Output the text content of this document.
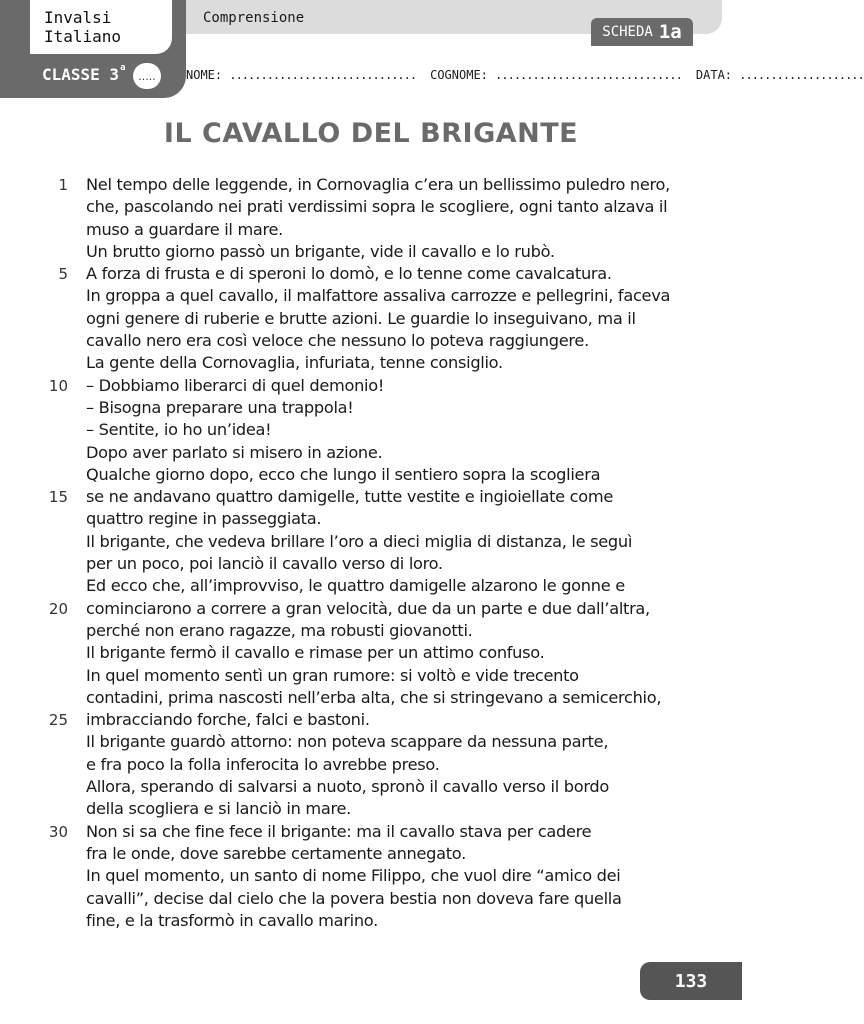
Comprensione
SCHEDA 1a
Invalsi
Italiano
CLASSE 3$^a$
.....	NOME: .............................. COGNOME: .............................. DATA: ....................
IL CAVALLO DEL BRIGANTE
1 Nel tempo delle leggende, in Cornovaglia c’era un bellissimo puledro nero,
che, pascolando nei prati verdissimi sopra le scogliere, ogni tanto alzava il
muso a guardare il mare.
Un brutto giorno passò un brigante, vide il cavallo e lo rubò.
5 A forza di frusta e di speroni lo domò, e lo tenne come cavalcatura.
In groppa a quel cavallo, il malfattore assaliva carrozze e pellegrini, faceva
ogni genere di ruberie e brutte azioni. Le guardie lo inseguivano, ma il
cavallo nero era così veloce che nessuno lo poteva raggiungere.
La gente della Cornovaglia, infuriata, tenne consiglio.
10 – Dobbiamo liberarci di quel demonio!
– Bisogna preparare una trappola!
– Sentite, io ho un’idea!
Dopo aver parlato si misero in azione.
Qualche giorno dopo, ecco che lungo il sentiero sopra la scogliera
15 se ne andavano quattro damigelle, tutte vestite e ingioiellate come
quattro regine in passeggiata.
Il brigante, che vedeva brillare l’oro a dieci miglia di distanza, le seguì
per un poco, poi lanciò il cavallo verso di loro.
Ed ecco che, all’improvviso, le quattro damigelle alzarono le gonne e
20 cominciarono a correre a gran velocità, due da un parte e due dall’altra,
perché non erano ragazze, ma robusti giovanotti.
Il brigante fermò il cavallo e rimase per un attimo confuso.
In quel momento sentì un gran rumore: si voltò e vide trecento
contadini, prima nascosti nell’erba alta, che si stringevano a semicerchio,
25 imbracciando forche, falci e bastoni.
Il brigante guardò attorno: non poteva scappare da nessuna parte,
e fra poco la folla inferocita lo avrebbe preso.
Allora, sperando di salvarsi a nuoto, spronò il cavallo verso il bordo
della scogliera e si lanciò in mare.
30 Non si sa che fine fece il brigante: ma il cavallo stava per cadere
fra le onde, dove sarebbe certamente annegato.
In quel momento, un santo di nome Filippo, che vuol dire “amico dei
cavalli”, decise dal cielo che la povera bestia non doveva fare quella
fine, e la trasformò in cavallo marino.
133
